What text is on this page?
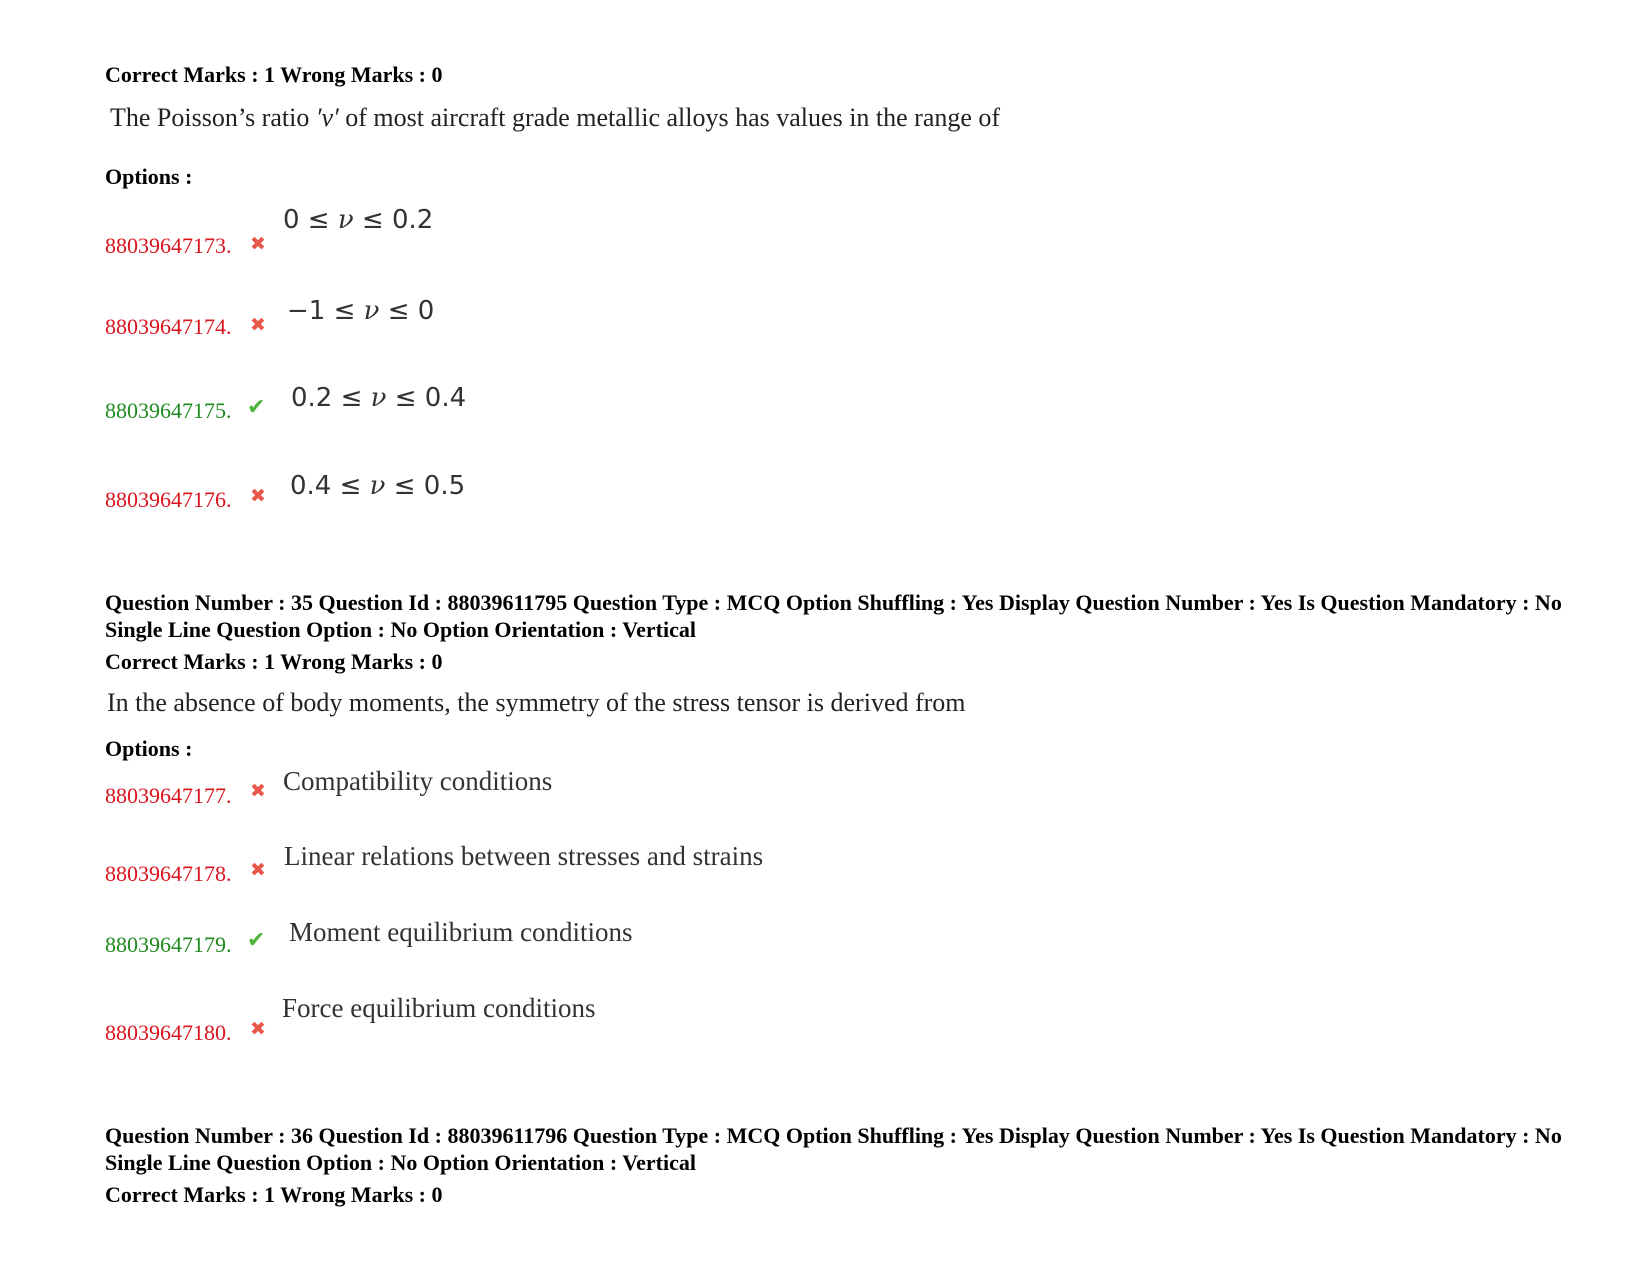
Correct Marks : 1 Wrong Marks : 0
The Poisson’s ratio ′ν′ of most aircraft grade metallic alloys has values in the range of
Options :
88039647173. ✖
0 ≤ ν ≤ 0.2
88039647174. ✖ −1 ≤ ν ≤ 0
88039647175. ✔ 0.2 ≤ ν ≤ 0.4
88039647176. ✖ 0.4 ≤ ν ≤ 0.5
Question Number : 35 Question Id : 88039611795 Question Type : MCQ Option Shuffling : Yes Display Question Number : Yes Is Question Mandatory : No Single Line Question Option : No Option Orientation : Vertical
Correct Marks : 1 Wrong Marks : 0
In the absence of body moments, the symmetry of the stress tensor is derived from
Options :
88039647177. ✖ Compatibility conditions
88039647178. ✖ Linear relations between stresses and strains
88039647179. ✔ Moment equilibrium conditions
88039647180. ✖
Force equilibrium conditions
Question Number : 36 Question Id : 88039611796 Question Type : MCQ Option Shuffling : Yes Display Question Number : Yes Is Question Mandatory : No Single Line Question Option : No Option Orientation : Vertical
Correct Marks : 1 Wrong Marks : 0
